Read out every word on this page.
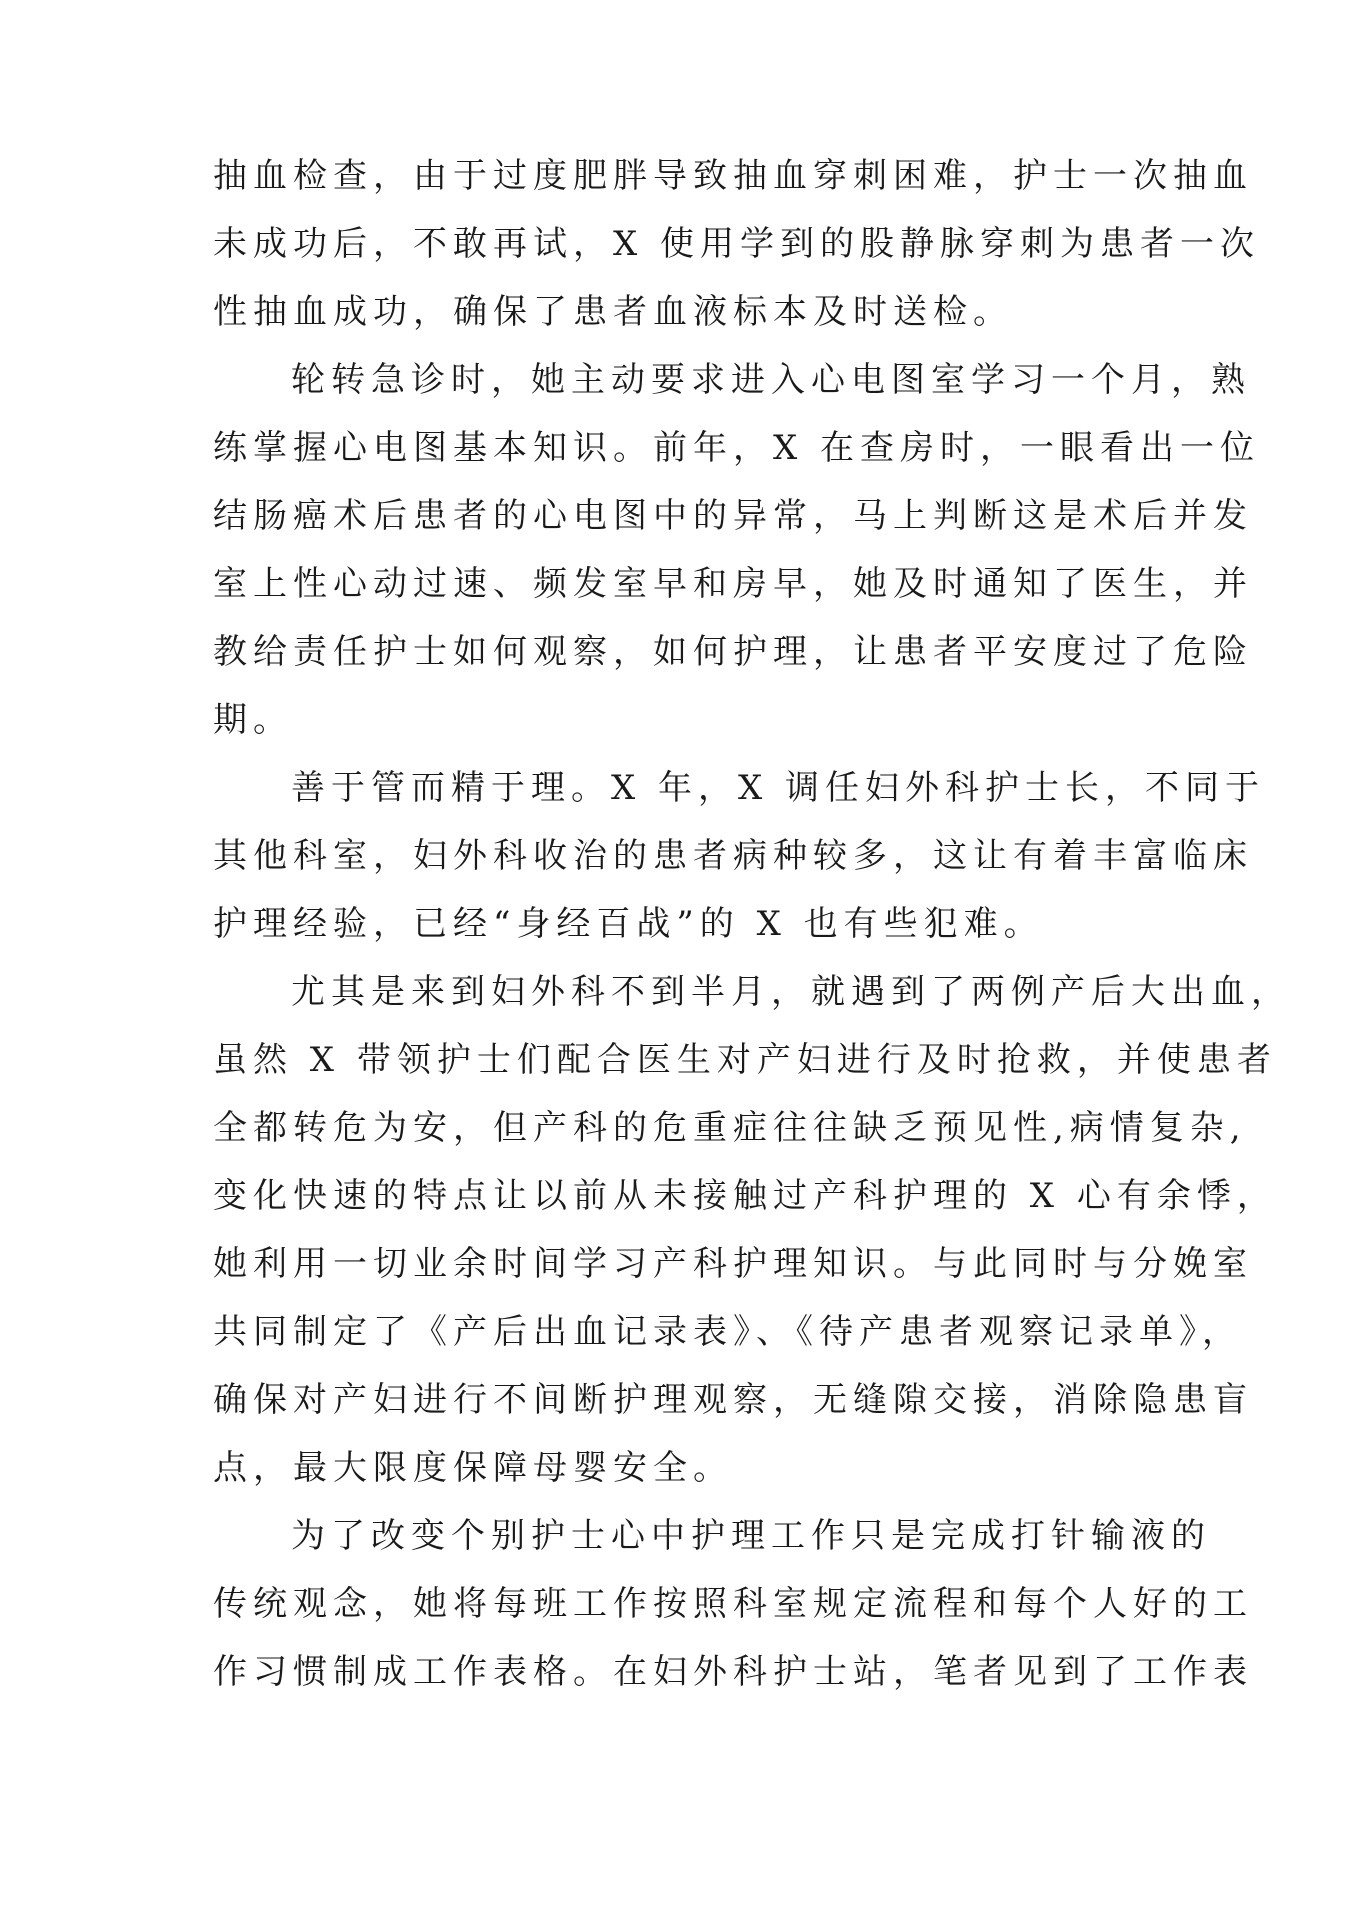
抽血检查，由于过度肥胖导致抽血穿刺困难，护士一次抽血
未成功后，不敢再试，X 使用学到的股静脉穿刺为患者一次
性抽血成功，确保了患者血液标本及时送检。
轮转急诊时，她主动要求进入心电图室学习一个月，熟
练掌握心电图基本知识。前年，X 在查房时，一眼看出一位
结肠癌术后患者的心电图中的异常，马上判断这是术后并发
室上性心动过速、频发室早和房早，她及时通知了医生，并
教给责任护士如何观察，如何护理，让患者平安度过了危险
期。
善于管而精于理。X 年，X 调任妇外科护士长，不同于
其他科室，妇外科收治的患者病种较多，这让有着丰富临床
护理经验，已经“身经百战”的 X 也有些犯难。
尤其是来到妇外科不到半月，就遇到了两例产后大出血，
虽然 X 带领护士们配合医生对产妇进行及时抢救，并使患者
全都转危为安，但产科的危重症往往缺乏预见性,病情复杂,
变化快速的特点让以前从未接触过产科护理的 X 心有余悸，
她利用一切业余时间学习产科护理知识。与此同时与分娩室
共同制定了《产后出血记录表》、《待产患者观察记录单》，
确保对产妇进行不间断护理观察，无缝隙交接，消除隐患盲
点，最大限度保障母婴安全。
为了改变个别护士心中护理工作只是完成打针输液的
传统观念，她将每班工作按照科室规定流程和每个人好的工
作习惯制成工作表格。在妇外科护士站，笔者见到了工作表
